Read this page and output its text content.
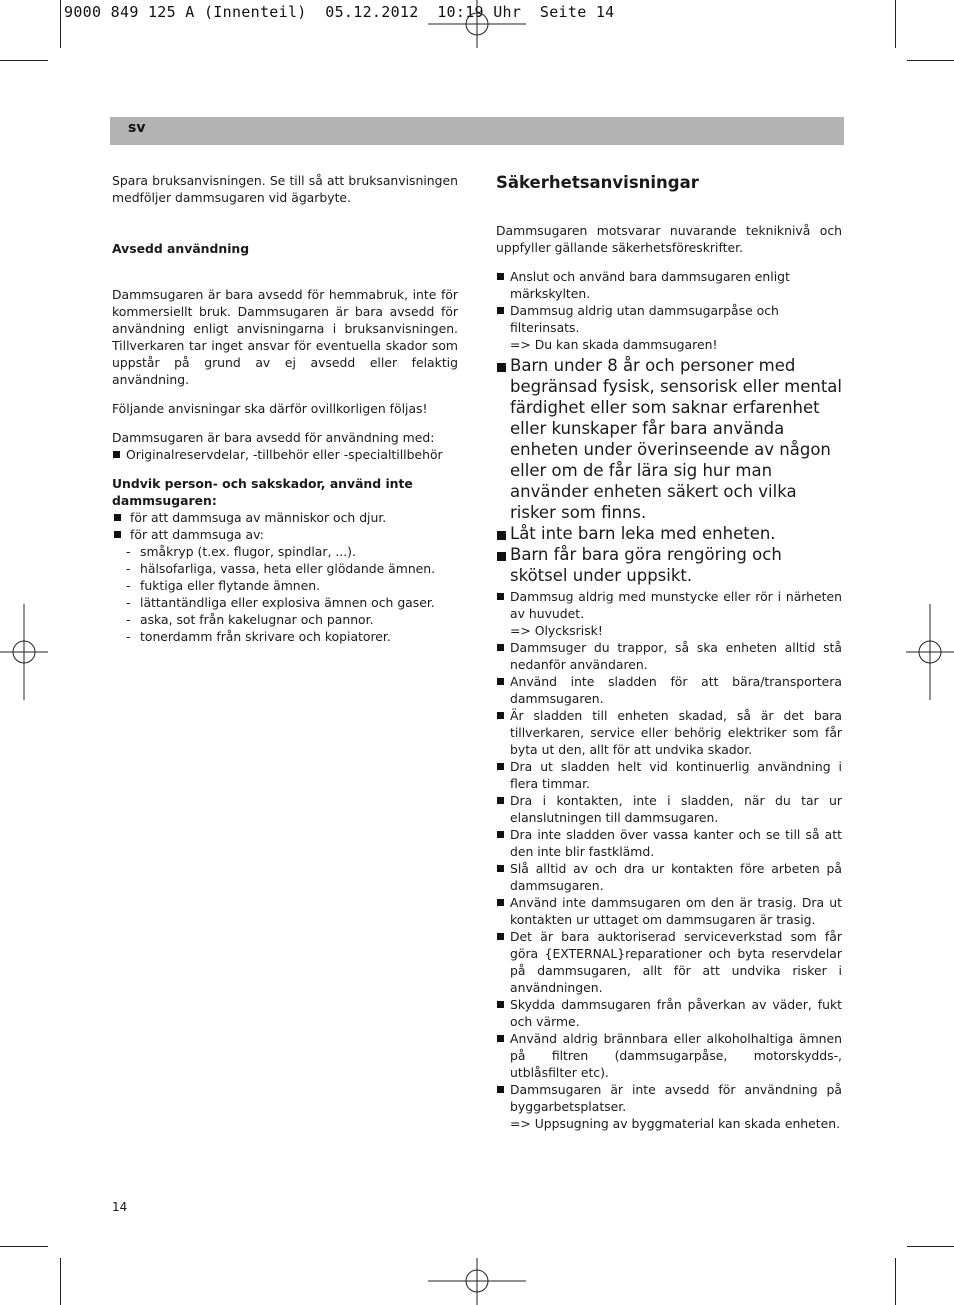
9000 849 125 A (Innenteil)  05.12.2012  10:19 Uhr  Seite 14
sv

Spara bruksanvisningen. Se till så att bruksanvisningen medföljer dammsugaren vid ägarbyte.

Avsedd användning

Dammsugaren är bara avsedd för hemmabruk, inte för kommersiellt bruk. Dammsugaren är bara avsedd för användning enligt anvisningarna i bruksanvisningen. Tillverkaren tar inget ansvar för eventuella skador som uppstår på grund av ej avsedd eller felaktig användning.

Följande anvisningar ska därför ovillkorligen följas!

Dammsugaren är bara avsedd för användning med:

Originalreservdelar, -tillbehör eller -specialtillbehör

Undvik person- och sakskador, använd inte dammsugaren:

för att dammsuga av människor och djur.
för att dammsuga av:
- småkryp (t.ex. flugor, spindlar, ...).
- hälsofarliga, vassa, heta eller glödande ämnen.
- fuktiga eller flytande ämnen.
- lättantändliga eller explosiva ämnen och gaser.
- aska, sot från kakelugnar och pannor.
- tonerdamm från skrivare och kopiatorer.

Säkerhetsanvisningar

Dammsugaren motsvarar nuvarande tekniknivå och uppfyller gällande säkerhetsföreskrifter.

Anslut och använd bara dammsugaren enligt märkskylten.
Dammsug aldrig utan dammsugarpåse och filterinsats.
=> Du kan skada dammsugaren!
Barn under 8 år och personer med begränsad fysisk, sensorisk eller mental färdighet eller som saknar erfarenhet eller kunskaper får bara använda enheten under överinseende av någon eller om de får lära sig hur man använder enheten säkert och vilka risker som finns.
Låt inte barn leka med enheten.
Barn får bara göra rengöring och skötsel under uppsikt.
Dammsug aldrig med munstycke eller rör i närheten av huvudet.
=> Olycksrisk!
Dammsuger du trappor, så ska enheten alltid stå nedanför användaren.
Använd inte sladden för att bära/transportera dammsugaren.
Är sladden till enheten skadad, så är det bara tillverkaren, service eller behörig elektriker som får byta ut den, allt för att undvika skador.
Dra ut sladden helt vid kontinuerlig användning i flera timmar.
Dra i kontakten, inte i sladden, när du tar ur elanslutningen till dammsugaren.
Dra inte sladden över vassa kanter och se till så att den inte blir fastklämd.
Slå alltid av och dra ur kontakten före arbeten på dammsugaren.
Använd inte dammsugaren om den är trasig. Dra ut kontakten ur uttaget om dammsugaren är trasig.
Det är bara auktoriserad serviceverkstad som får göra {EXTERNAL}reparationer och byta reservdelar på dammsugaren, allt för att undvika risker i användningen.
Skydda dammsugaren från påverkan av väder, fukt och värme.
Använd aldrig brännbara eller alkoholhaltiga ämnen på filtren (dammsugarpåse, motorskydds-, utblåsfilter etc).
Dammsugaren är inte avsedd för användning på byggarbetsplatser.
=> Uppsugning av byggmaterial kan skada enheten.
14
